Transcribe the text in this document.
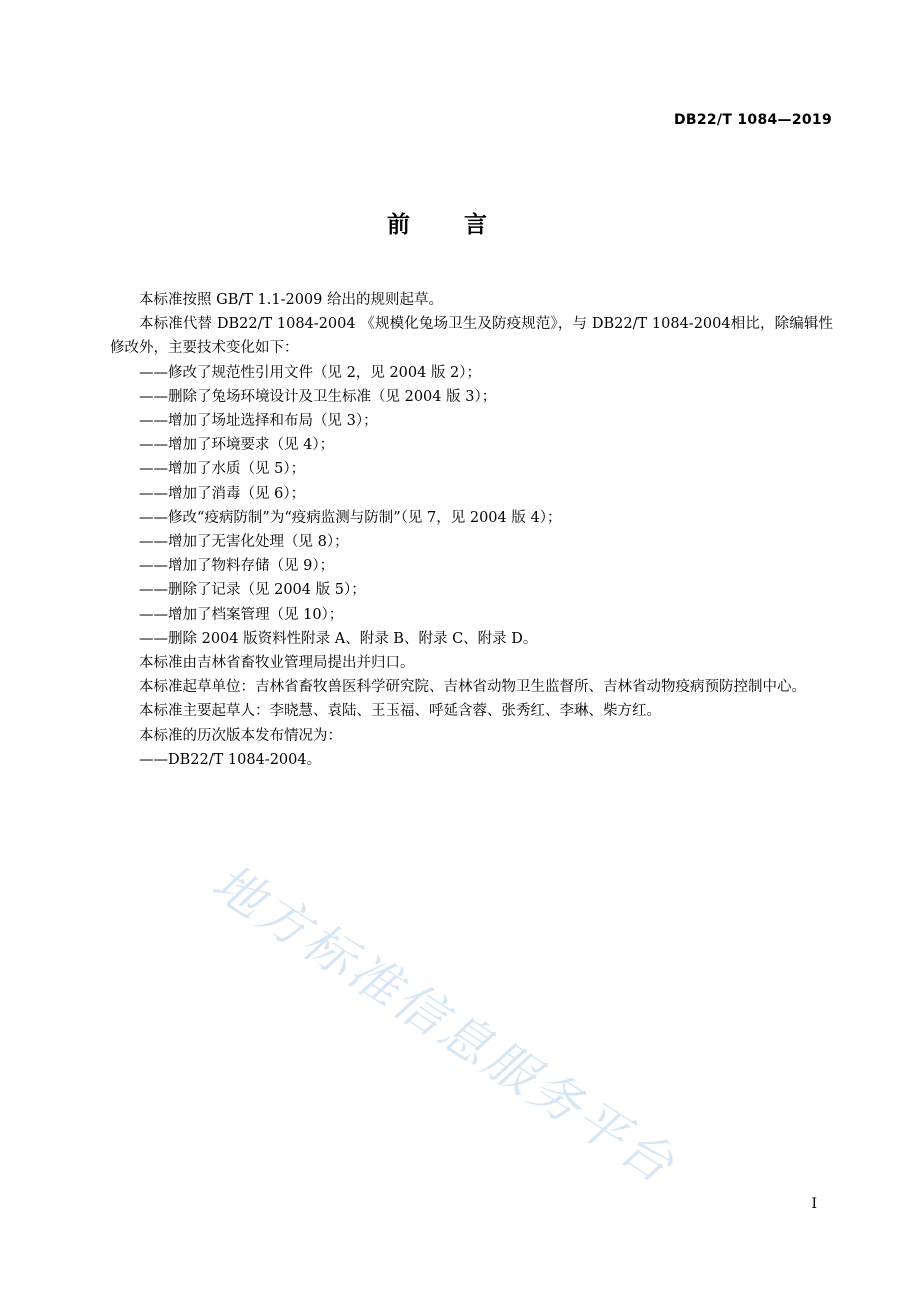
DB22/T 1084—2019
前言

本标准按照 GB/T 1.1-2009 给出的规则起草。

本标准代替 DB22/T 1084-2004 《规模化兔场卫生及防疫规范》，与 DB22/T 1084-2004相比，除编辑性修改外，主要技术变化如下：

——修改了规范性引用文件（见 2，见 2004 版 2）；

——删除了兔场环境设计及卫生标准（见 2004 版 3）；

——增加了场址选择和布局（见 3）；

——增加了环境要求（见 4）；

——增加了水质（见 5）；

——增加了消毒（见 6）；

——修改“疫病防制”为“疫病监测与防制”（见 7，见 2004 版 4）；

——增加了无害化处理（见 8）；

——增加了物料存储（见 9）；

——删除了记录（见 2004 版 5）；

——增加了档案管理（见 10）；

——删除 2004 版资料性附录 A、附录 B、附录 C、附录 D。

本标准由吉林省畜牧业管理局提出并归口。

本标准起草单位：吉林省畜牧兽医科学研究院、吉林省动物卫生监督所、吉林省动物疫病预防控制中心。

本标准主要起草人：李晓慧、袁陆、王玉福、呼延含蓉、张秀红、李琳、柴方红。

本标准的历次版本发布情况为：

——DB22/T 1084-2004。

地方标准信息服务平台
I
